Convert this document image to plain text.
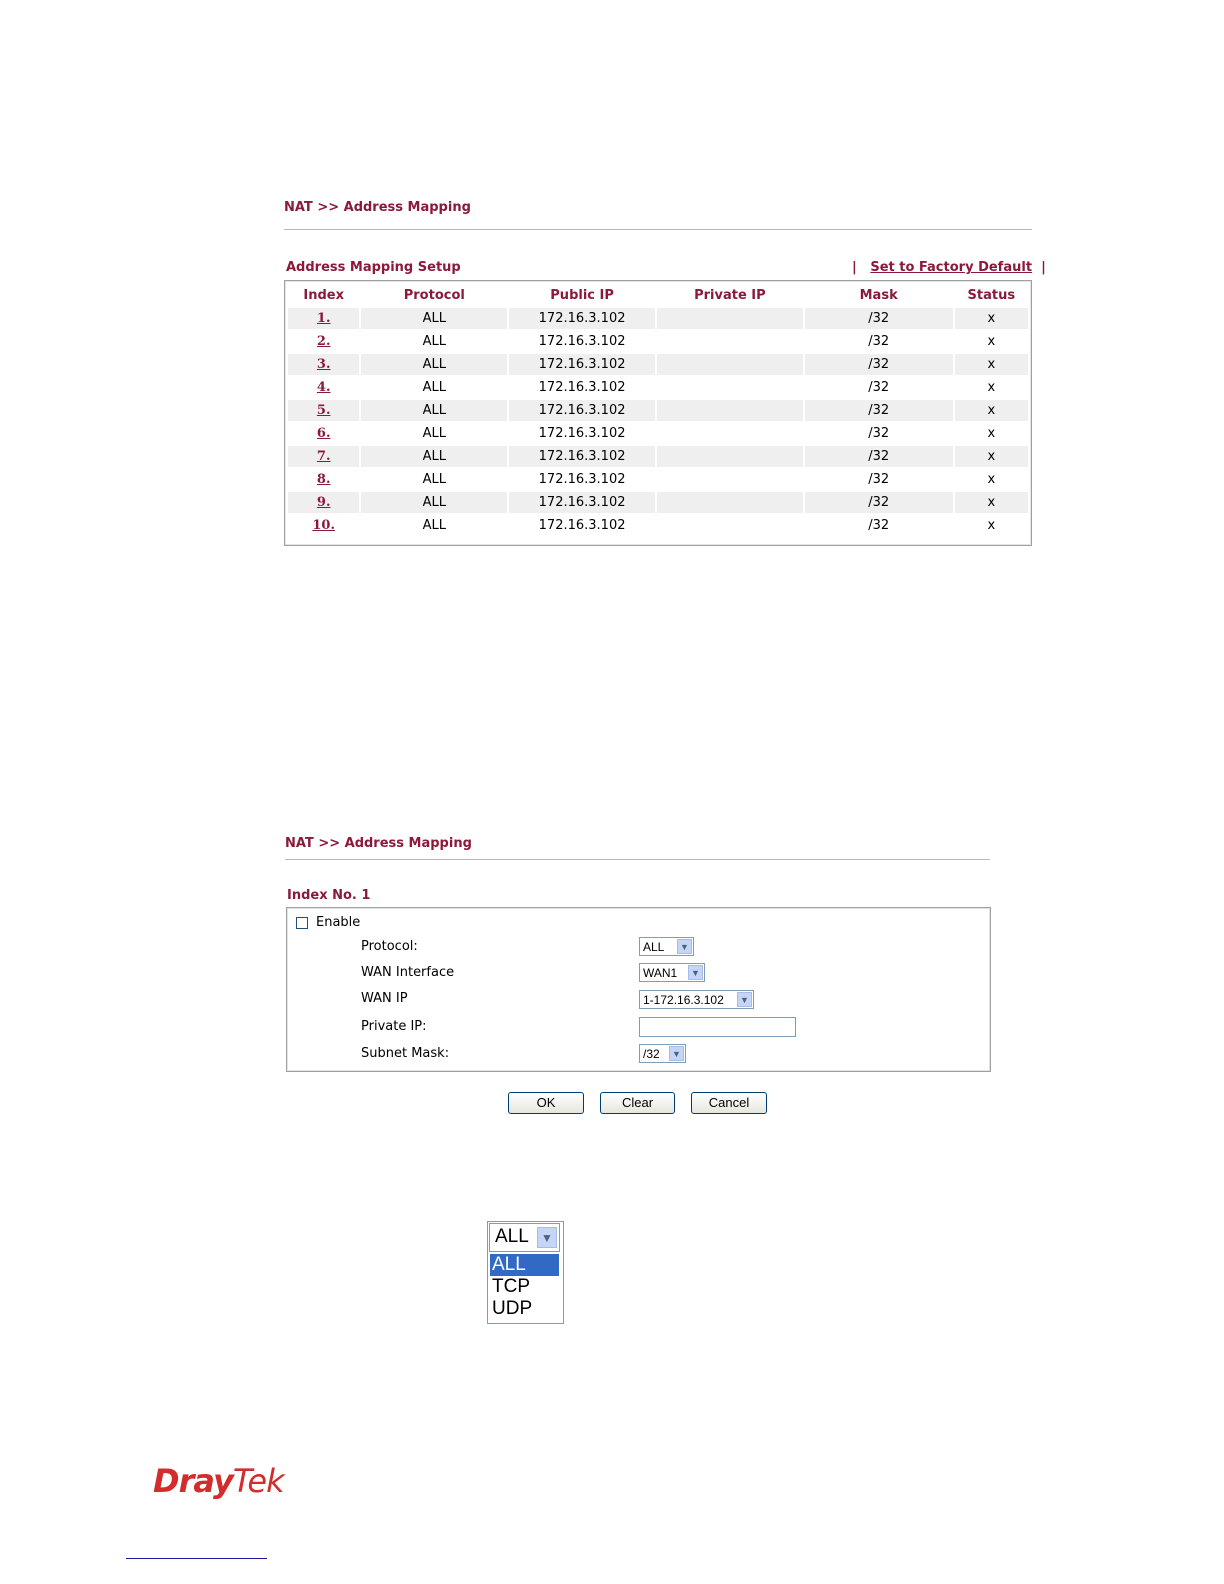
NAT >> Address Mapping
Address Mapping Setup	| Set to Factory Default |
Index	Protocol	Public IP	Private IP	Mask	Status
1.	ALL	172.16.3.102		/32	x
2.	ALL	172.16.3.102		/32	x
3.	ALL	172.16.3.102		/32	x
4.	ALL	172.16.3.102		/32	x
5.	ALL	172.16.3.102		/32	x
6.	ALL	172.16.3.102		/32	x
7.	ALL	172.16.3.102		/32	x
8.	ALL	172.16.3.102		/32	x
9.	ALL	172.16.3.102		/32	x
10.	ALL	172.16.3.102		/32	x
NAT >> Address Mapping
Index No. 1
Enable
Protocol:	ALL	▼
WAN Interface	WAN1	▼
WAN IP	1-172.16.3.102	▼
Private IP:
Subnet Mask:	/32	▼
OK	Clear	Cancel
ALL	▼
ALL
TCP
UDP
DrayTek
